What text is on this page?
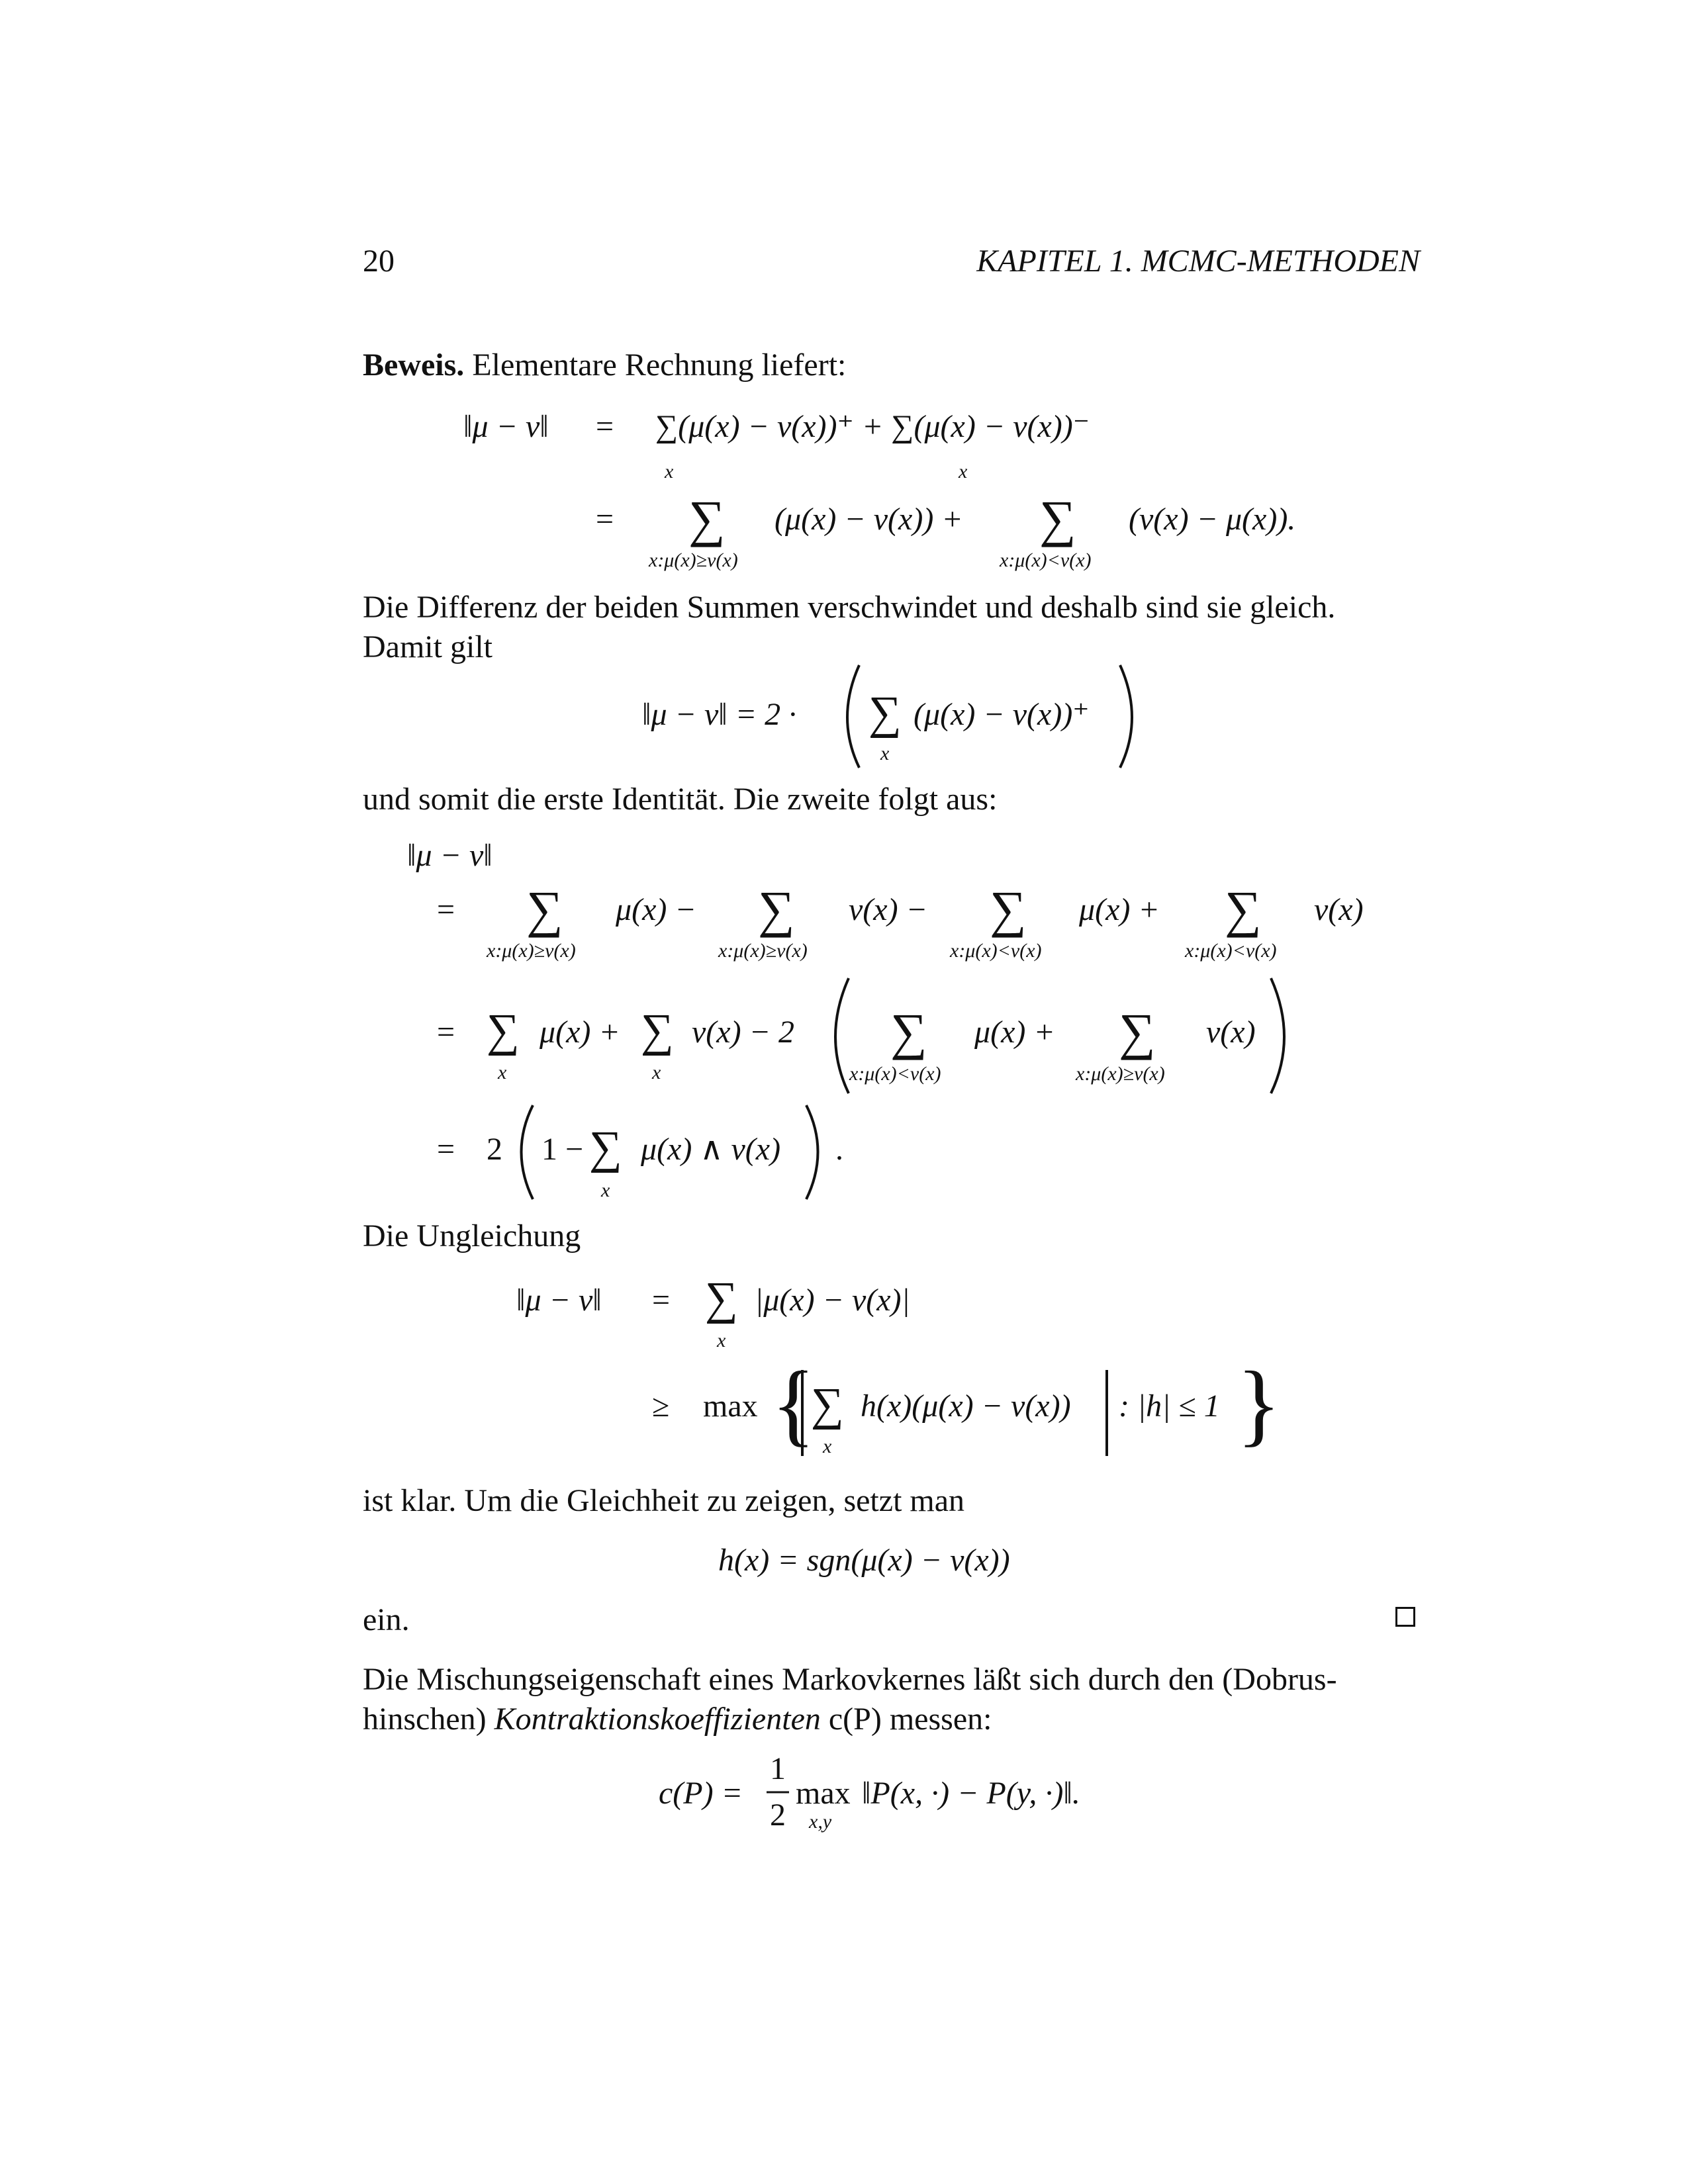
20	KAPITEL 1. MCMC-METHODEN
Beweis. Elementare Rechnung liefert:
‖μ − ν‖ = ∑(μ(x) − ν(x))⁺ + ∑(μ(x) − ν(x))⁻
x	x
= ∑
x:μ(x)≥ν(x)
(μ(x) − ν(x)) + ∑
x:μ(x)<ν(x)
(ν(x) − μ(x)).
Die Differenz der beiden Summen verschwindet und deshalb sind sie gleich.
Damit gilt
‖μ − ν‖ = 2 · ∑
x
(μ(x) − ν(x))⁺
und somit die erste Identität. Die zweite folgt aus:
‖μ − ν‖
= ∑
x:μ(x)≥ν(x)
μ(x) − ∑
x:μ(x)≥ν(x)
ν(x) − ∑
x:μ(x)<ν(x)
μ(x) + ∑
x:μ(x)<ν(x)
ν(x)
= ∑
x
μ(x) + ∑
x
ν(x) − 2 ∑
x:μ(x)<ν(x)
μ(x) + ∑
x:μ(x)≥ν(x)
ν(x)
= 2 1 − ∑
x
μ(x) ∧ ν(x) .
Die Ungleichung
‖μ − ν‖ = ∑
x
|μ(x) − ν(x)|
≥ max {
∑
x
h(x)(μ(x) − ν(x)) : |h| ≤ 1 }
ist klar. Um die Gleichheit zu zeigen, setzt man
h(x) = sgn(μ(x) − ν(x))
ein.
Die Mischungseigenschaft eines Markovkernes läßt sich durch den (Dobrus-
hinschen) Kontraktionskoeffizienten c(P) messen:
c(P) =
1
2
max
x,y
‖P(x, ·) − P(y, ·)‖.
